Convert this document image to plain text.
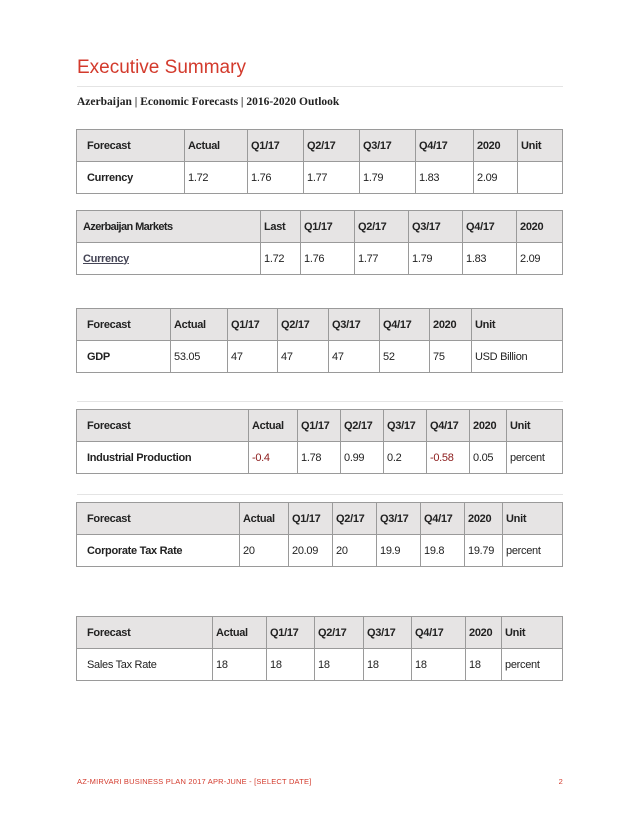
Executive Summary
Azerbaijan | Economic Forecasts | 2016-2020 Outlook
Forecast	Actual	Q1/17	Q2/17	Q3/17	Q4/17	2020	Unit
Currency	1.72	1.76	1.77	1.79	1.83	2.09	
Azerbaijan Markets	Last	Q1/17	Q2/17	Q3/17	Q4/17	2020
Currency	1.72	1.76	1.77	1.79	1.83	2.09
Forecast	Actual	Q1/17	Q2/17	Q3/17	Q4/17	2020	Unit
GDP	53.05	47	47	47	52	75	USD Billion
Forecast	Actual	Q1/17	Q2/17	Q3/17	Q4/17	2020	Unit
Industrial Production	-0.4	1.78	0.99	0.2	-0.58	0.05	percent
Forecast	Actual	Q1/17	Q2/17	Q3/17	Q4/17	2020	Unit
Corporate Tax Rate	20	20.09	20	19.9	19.8	19.79	percent
Forecast	Actual	Q1/17	Q2/17	Q3/17	Q4/17	2020	Unit
Sales Tax Rate	18	18	18	18	18	18	percent
AZ-MIRVARI BUSINESS PLAN 2017 APR-JUNE - [SELECT DATE]	2
